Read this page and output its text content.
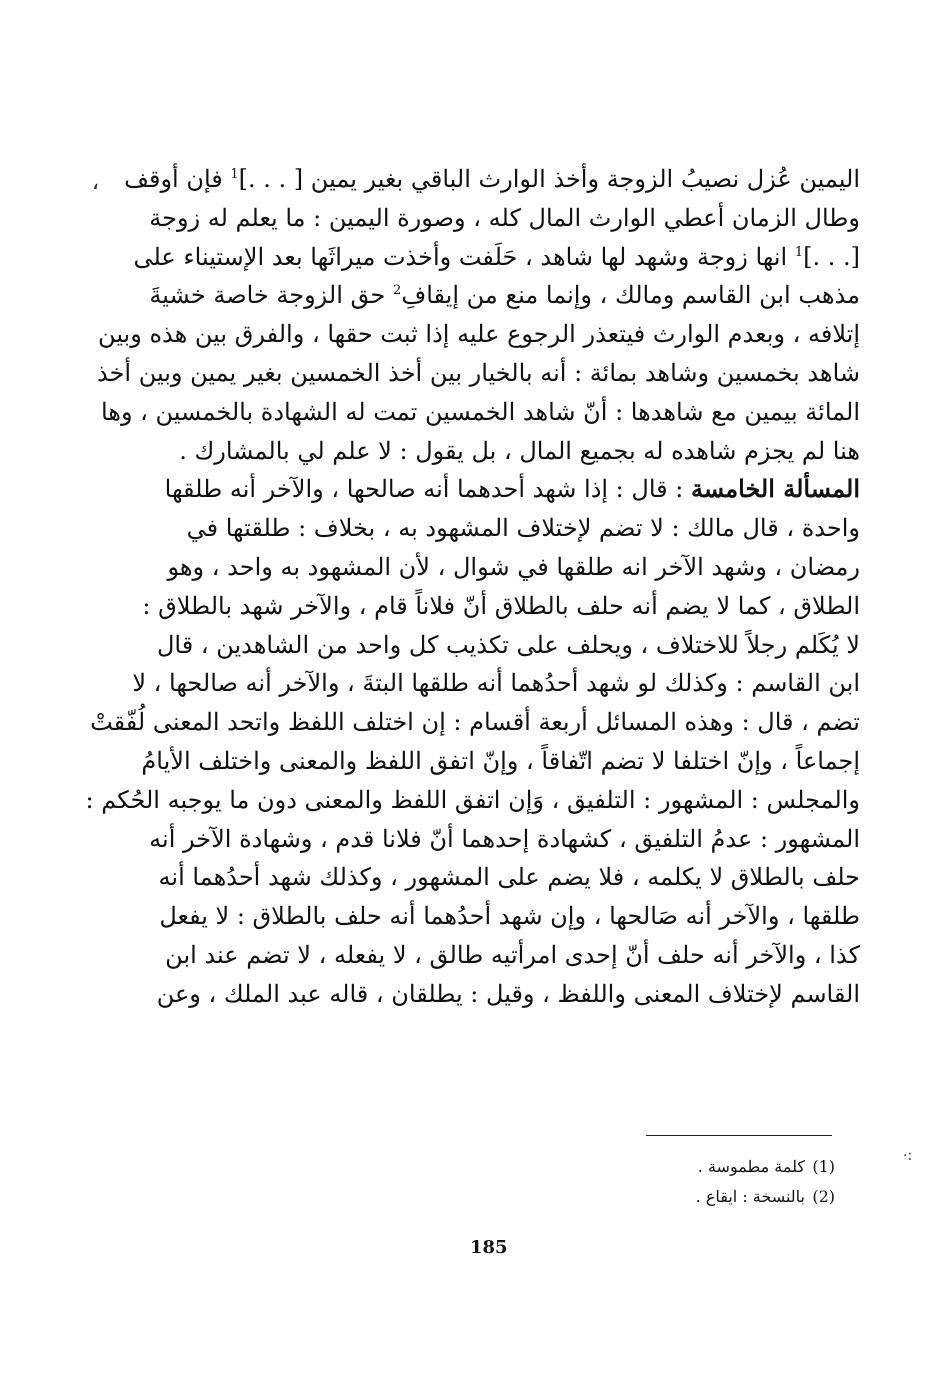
،
·:

اليمين عُزل نصيبُ الزوجة وأخذ الوارث الباقي بغير يمين [ . . .]$^1$ فإن أوقف
وطال الزمان أعطي الوارث المال كله ، وصورة اليمين : ما يعلم له زوجة
[. . .]$^1$ انها زوجة وشهد لها شاهد ، حَلَفت وأخذت ميراثَها بعد الإستيناء على
مذهب ابن القاسم ومالك ، وإنما منع من إيقافِ$^2$ حق الزوجة خاصة خشيةَ
إتلافه ، وبعدم الوارث فيتعذر الرجوع عليه إذا ثبت حقها ، والفرق بين هذه وبين
شاهد بخمسين وشاهد بمائة : أنه بالخيار بين أخذ الخمسين بغير يمين وبين أخذ
المائة بيمين مع شاهدها : أنّ شاهد الخمسين تمت له الشهادة بالخمسين ، وها
هنا لم يجزم شاهده له بجميع المال ، بل يقول : لا علم لي بالمشارك .

المسألة الخامسة : قال : إذا شهد أحدهما أنه صالحها ، والآخر أنه طلقها
واحدة ، قال مالك : لا تضم لإختلاف المشهود به ، بخلاف : طلقتها في
رمضان ، وشهد الآخر انه طلقها في شوال ، لأن المشهود به واحد ، وهو
الطلاق ، كما لا يضم أنه حلف بالطلاق أنّ فلاناً قام ، والآخر شهد بالطلاق :
لا يُكَلم رجلاً للاختلاف ، ويحلف على تكذيب كل واحد من الشاهدين ، قال
ابن القاسم : وكذلك لو شهد أحدُهما أنه طلقها البتةَ ، والآخر أنه صالحها ، لا
تضم ، قال : وهذه المسائل أربعة أقسام : إن اختلف اللفظ واتحد المعنى لُفّقتْ
إجماعاً ، وإنّ اختلفا لا تضم اتّفاقاً ، وإنّ اتفق اللفظ والمعنى واختلف الأيامُ
والمجلس : المشهور : التلفيق ، وَإن اتفق اللفظ والمعنى دون ما يوجبه الحُكم :
المشهور : عدمُ التلفيق ، كشهادة إحدهما أنّ فلانا قدم ، وشهادة الآخر أنه
حلف بالطلاق لا يكلمه ، فلا يضم على المشهور ، وكذلك شهد أحدُهما أنه
طلقها ، والآخر أنه صَالحها ، وإن شهد أحدُهما أنه حلف بالطلاق : لا يفعل
كذا ، والآخر أنه حلف أنّ إحدى امرأتيه طالق ، لا يفعله ، لا تضم عند ابن
القاسم لإختلاف المعنى واللفظ ، وقيل : يطلقان ، قاله عبد الملك ، وعن

(1)كلمة مطموسة .
(2)بالنسخة : ايقاع .
185
